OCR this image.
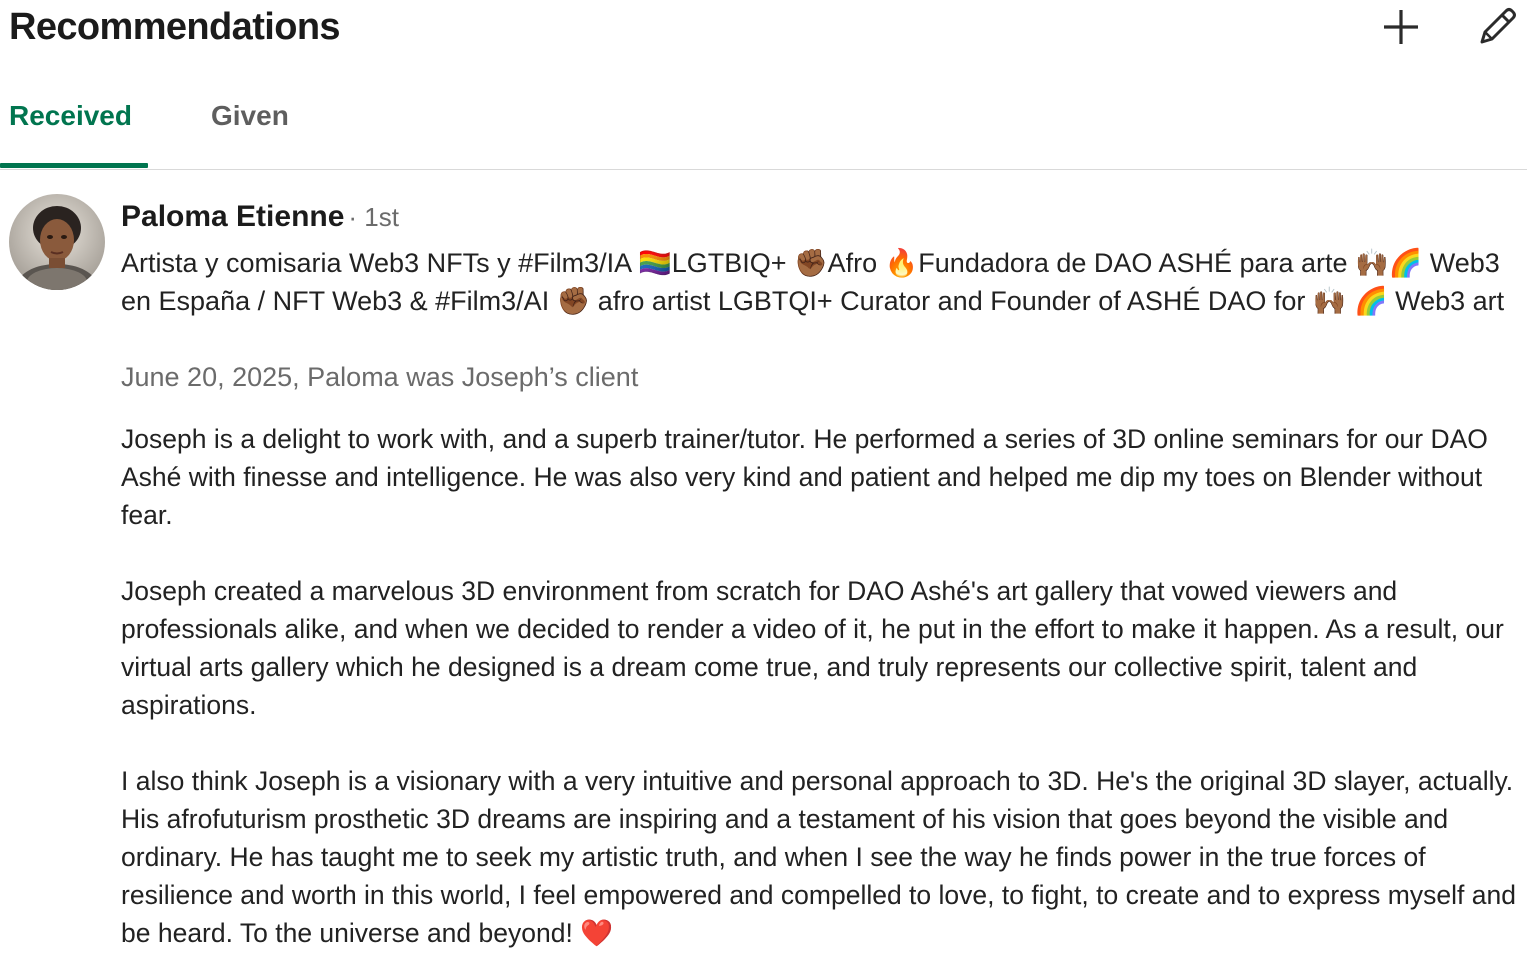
Recommendations
Received	Given
Paloma Etienne · 1st
Artista y comisaria Web3 NFTs y #Film3/IA 🏳️‍🌈LGTBIQ+ ✊🏾Afro 🔥Fundadora de DAO ASHÉ para arte 🙌🏾🌈 Web3 en España / NFT Web3 & #Film3/AI ✊🏾 afro artist LGBTQI+ Curator and Founder of ASHÉ DAO for 🙌🏾 🌈 Web3 art
June 20, 2025, Paloma was Joseph’s client

Joseph is a delight to work with, and a superb trainer/tutor. He performed a series of 3D online seminars for our DAO Ashé with finesse and intelligence. He was also very kind and patient and helped me dip my toes on Blender without fear.

Joseph created a marvelous 3D environment from scratch for DAO Ashé's art gallery that vowed viewers and professionals alike, and when we decided to render a video of it, he put in the effort to make it happen. As a result, our virtual arts gallery which he designed is a dream come true, and truly represents our collective spirit, talent and aspirations.

I also think Joseph is a visionary with a very intuitive and personal approach to 3D. He's the original 3D slayer, actually. His afrofuturism prosthetic 3D dreams are inspiring and a testament of his vision that goes beyond the visible and ordinary. He has taught me to seek my artistic truth, and when I see the way he finds power in the true forces of resilience and worth in this world, I feel empowered and compelled to love, to fight, to create and to express myself and be heard. To the universe and beyond! ❤️
